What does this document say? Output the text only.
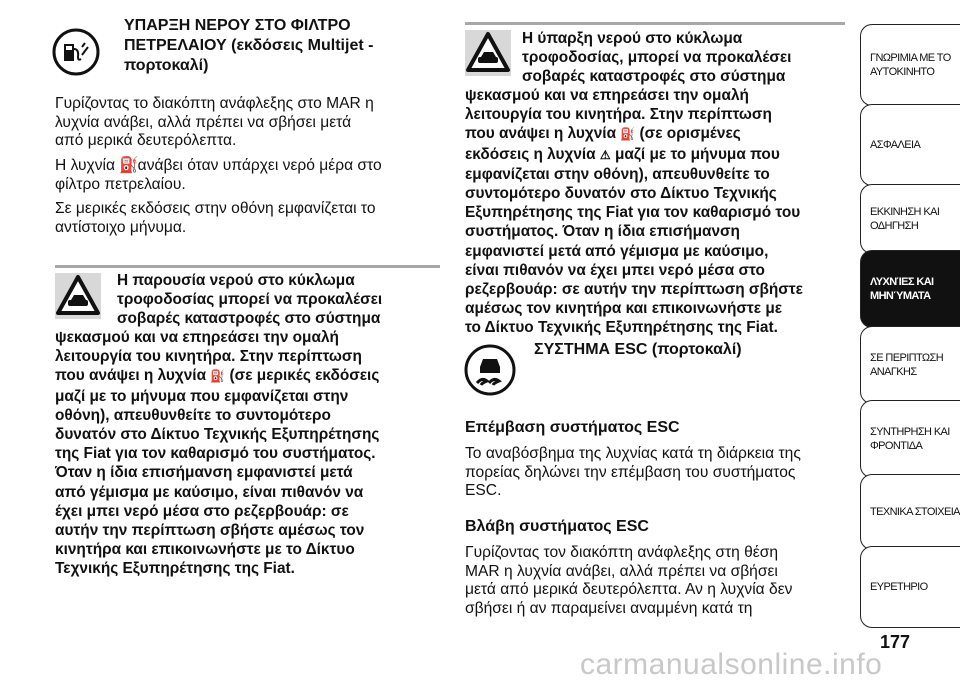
ΥΠΑΡΞΗ ΝΕΡΟΥ ΣΤΟ ΦΙΛΤΡΟ
ΠΕΤΡΕΛΑΙΟΥ (εκδόσεις Multijet -
πορτοκαλί)
Γυρίζοντας το διακόπτη ανάφλεξης στο MAR η
λυχνία ανάβει, αλλά πρέπει να σβήσει μετά
από μερικά δευτερόλεπτα.
Η λυχνία ⛽ ανάβει όταν υπάρχει νερό μέρα στο
φίλτρο πετρελαίου.
Σε μερικές εκδόσεις στην οθόνη εμφανίζεται το
αντίστοιχο μήνυμα.
Η παρουσία νερού στο κύκλωμα
τροφοδοσίας μπορεί να προκαλέσει
σοβαρές καταστροφές στο σύστημα
ψεκασμού και να επηρεάσει την ομαλή
λειτουργία του κινητήρα. Στην περίπτωση
που ανάψει η λυχνία ⛽ (σε μερικές εκδόσεις
μαζί με το μήνυμα που εμφανίζεται στην
οθόνη), απευθυνθείτε το συντομότερο
δυνατόν στο Δίκτυο Τεχνικής Εξυπηρέτησης
της Fiat για τον καθαρισμό του συστήματος.
Όταν η ίδια επισήμανση εμφανιστεί μετά
από γέμισμα με καύσιμο, είναι πιθανόν να
έχει μπει νερό μέσα στο ρεζερβουάρ: σε
αυτήν την περίπτωση σβήστε αμέσως τον
κινητήρα και επικοινωνήστε με το Δίκτυο
Τεχνικής Εξυπηρέτησης της Fiat.
Η ύπαρξη νερού στο κύκλωμα
τροφοδοσίας, μπορεί να προκαλέσει
σοβαρές καταστροφές στο σύστημα
ψεκασμού και να επηρεάσει την ομαλή
λειτουργία του κινητήρα. Στην περίπτωση
που ανάψει η λυχνία ⛽ (σε ορισμένες
εκδόσεις η λυχνία ⚠ μαζί με το μήνυμα που
εμφανίζεται στην οθόνη), απευθυνθείτε το
συντομότερο δυνατόν στο Δίκτυο Τεχνικής
Εξυπηρέτησης της Fiat για τον καθαρισμό του
συστήματος. Όταν η ίδια επισήμανση
εμφανιστεί μετά από γέμισμα με καύσιμο,
είναι πιθανόν να έχει μπει νερό μέσα στο
ρεζερβουάρ: σε αυτήν την περίπτωση σβήστε
αμέσως τον κινητήρα και επικοινωνήστε με
το Δίκτυο Τεχνικής Εξυπηρέτησης της Fiat.
ΣΥΣΤΗΜΑ ESC (πορτοκαλί)
Επέμβαση συστήματος ESC
Το αναβόσβημα της λυχνίας κατά τη διάρκεια της
πορείας δηλώνει την επέμβαση του συστήματος
ESC.
Βλάβη συστήματος ESC
Γυρίζοντας τον διακόπτη ανάφλεξης στη θέση
MAR η λυχνία ανάβει, αλλά πρέπει να σβήσει
μετά από μερικά δευτερόλεπτα. Αν η λυχνία δεν
σβήσει ή αν παραμείνει αναμμένη κατά τη
ΓΝΩΡΙΜΙΑ ΜΕ ΤΟ
ΑΥΤΟΚΙΝΗΤΟ
ΑΣΦΑΛΕΙΑ
ΕΚΚΙΝΗΣΗ ΚΑΙ
ΟΔΗΓΗΣΗ
ΛΥΧΝΊΕΣ ΚΑΙ
ΜΗΝΎΜΑΤΑ
ΣΕ ΠΕΡΙΠΤΩΣΗ
ΑΝΑΓΚΗΣ
ΣΥΝΤΗΡΗΣΗ ΚΑΙ
ΦΡΟΝΤΙΔΑ
ΤΕΧΝΙΚΑ ΣΤΟΙΧΕΙΑ
ΕΥΡΕΤΗΡΙΟ
177
carmanualsonline.info
